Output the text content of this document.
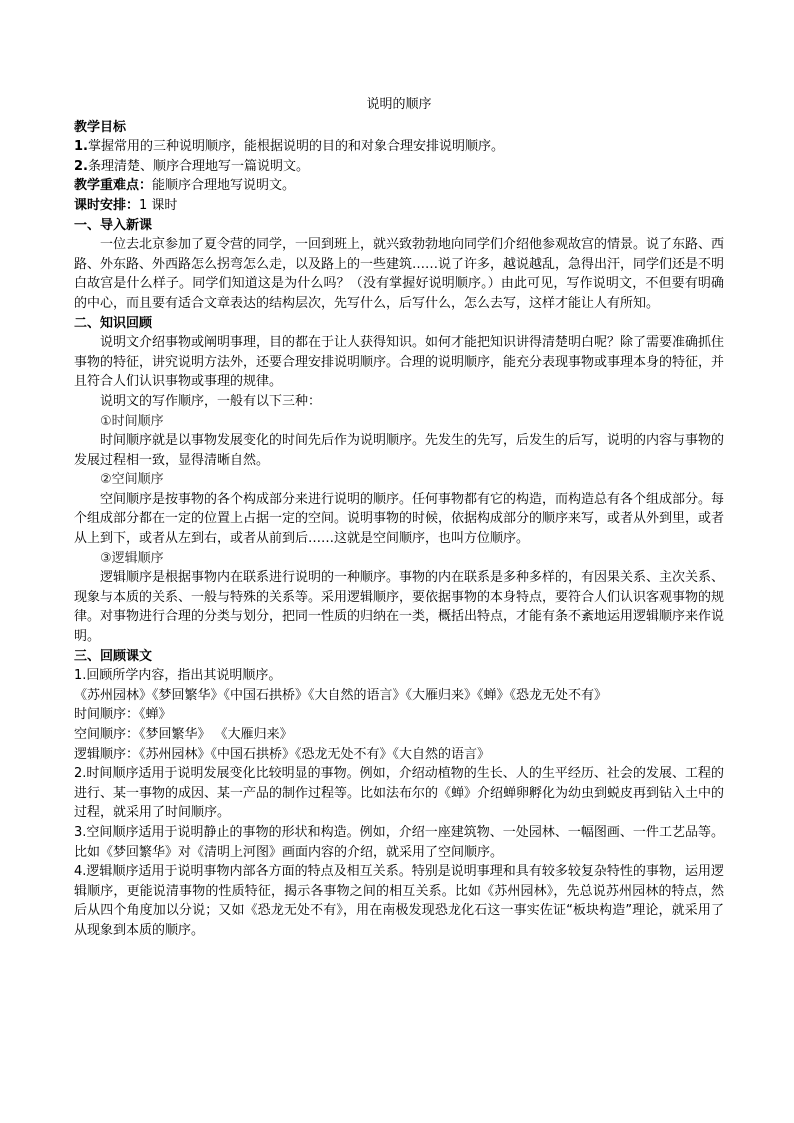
说明的顺序
教学目标
1.掌握常用的三种说明顺序，能根据说明的目的和对象合理安排说明顺序。
2.条理清楚、顺序合理地写一篇说明文。
教学重难点：能顺序合理地写说明文。
课时安排：1 课时
一、导入新课
一位去北京参加了夏令营的同学，一回到班上，就兴致勃勃地向同学们介绍他参观故宫的情景。说了东路、西路、外东路、外西路怎么拐弯怎么走，以及路上的一些建筑……说了许多，越说越乱，急得出汗，同学们还是不明白故宫是什么样子。同学们知道这是为什么吗？（没有掌握好说明顺序。）由此可见，写作说明文，不但要有明确的中心，而且要有适合文章表达的结构层次，先写什么，后写什么，怎么去写，这样才能让人有所知。
二、知识回顾
说明文介绍事物或阐明事理，目的都在于让人获得知识。如何才能把知识讲得清楚明白呢？除了需要准确抓住事物的特征，讲究说明方法外，还要合理安排说明顺序。合理的说明顺序，能充分表现事物或事理本身的特征，并且符合人们认识事物或事理的规律。
说明文的写作顺序，一般有以下三种：
①时间顺序
时间顺序就是以事物发展变化的时间先后作为说明顺序。先发生的先写，后发生的后写，说明的内容与事物的发展过程相一致，显得清晰自然。
②空间顺序
空间顺序是按事物的各个构成部分来进行说明的顺序。任何事物都有它的构造，而构造总有各个组成部分。每个组成部分都在一定的位置上占据一定的空间。说明事物的时候，依据构成部分的顺序来写，或者从外到里，或者从上到下，或者从左到右，或者从前到后……这就是空间顺序，也叫方位顺序。
③逻辑顺序
逻辑顺序是根据事物内在联系进行说明的一种顺序。事物的内在联系是多种多样的，有因果关系、主次关系、现象与本质的关系、一般与特殊的关系等。采用逻辑顺序，要依据事物的本身特点，要符合人们认识客观事物的规律。对事物进行合理的分类与划分，把同一性质的归纳在一类，概括出特点，才能有条不紊地运用逻辑顺序来作说明。
三、回顾课文
1.回顾所学内容，指出其说明顺序。
《苏州园林》《梦回繁华》《中国石拱桥》《大自然的语言》《大雁归来》《蝉》《恐龙无处不有》
时间顺序：《蝉》
空间顺序：《梦回繁华》 《大雁归来》
逻辑顺序：《苏州园林》《中国石拱桥》《恐龙无处不有》《大自然的语言》
2.时间顺序适用于说明发展变化比较明显的事物。例如，介绍动植物的生长、人的生平经历、社会的发展、工程的进行、某一事物的成因、某一产品的制作过程等。比如法布尔的《蝉》介绍蝉卵孵化为幼虫到蜕皮再到钻入土中的过程，就采用了时间顺序。
3.空间顺序适用于说明静止的事物的形状和构造。例如，介绍一座建筑物、一处园林、一幅图画、一件工艺品等。比如《梦回繁华》对《清明上河图》画面内容的介绍，就采用了空间顺序。
4.逻辑顺序适用于说明事物内部各方面的特点及相互关系。特别是说明事理和具有较多较复杂特性的事物，运用逻辑顺序，更能说清事物的性质特征，揭示各事物之间的相互关系。比如《苏州园林》，先总说苏州园林的特点，然后从四个角度加以分说；又如《恐龙无处不有》，用在南极发现恐龙化石这一事实佐证“板块构造”理论，就采用了从现象到本质的顺序。
